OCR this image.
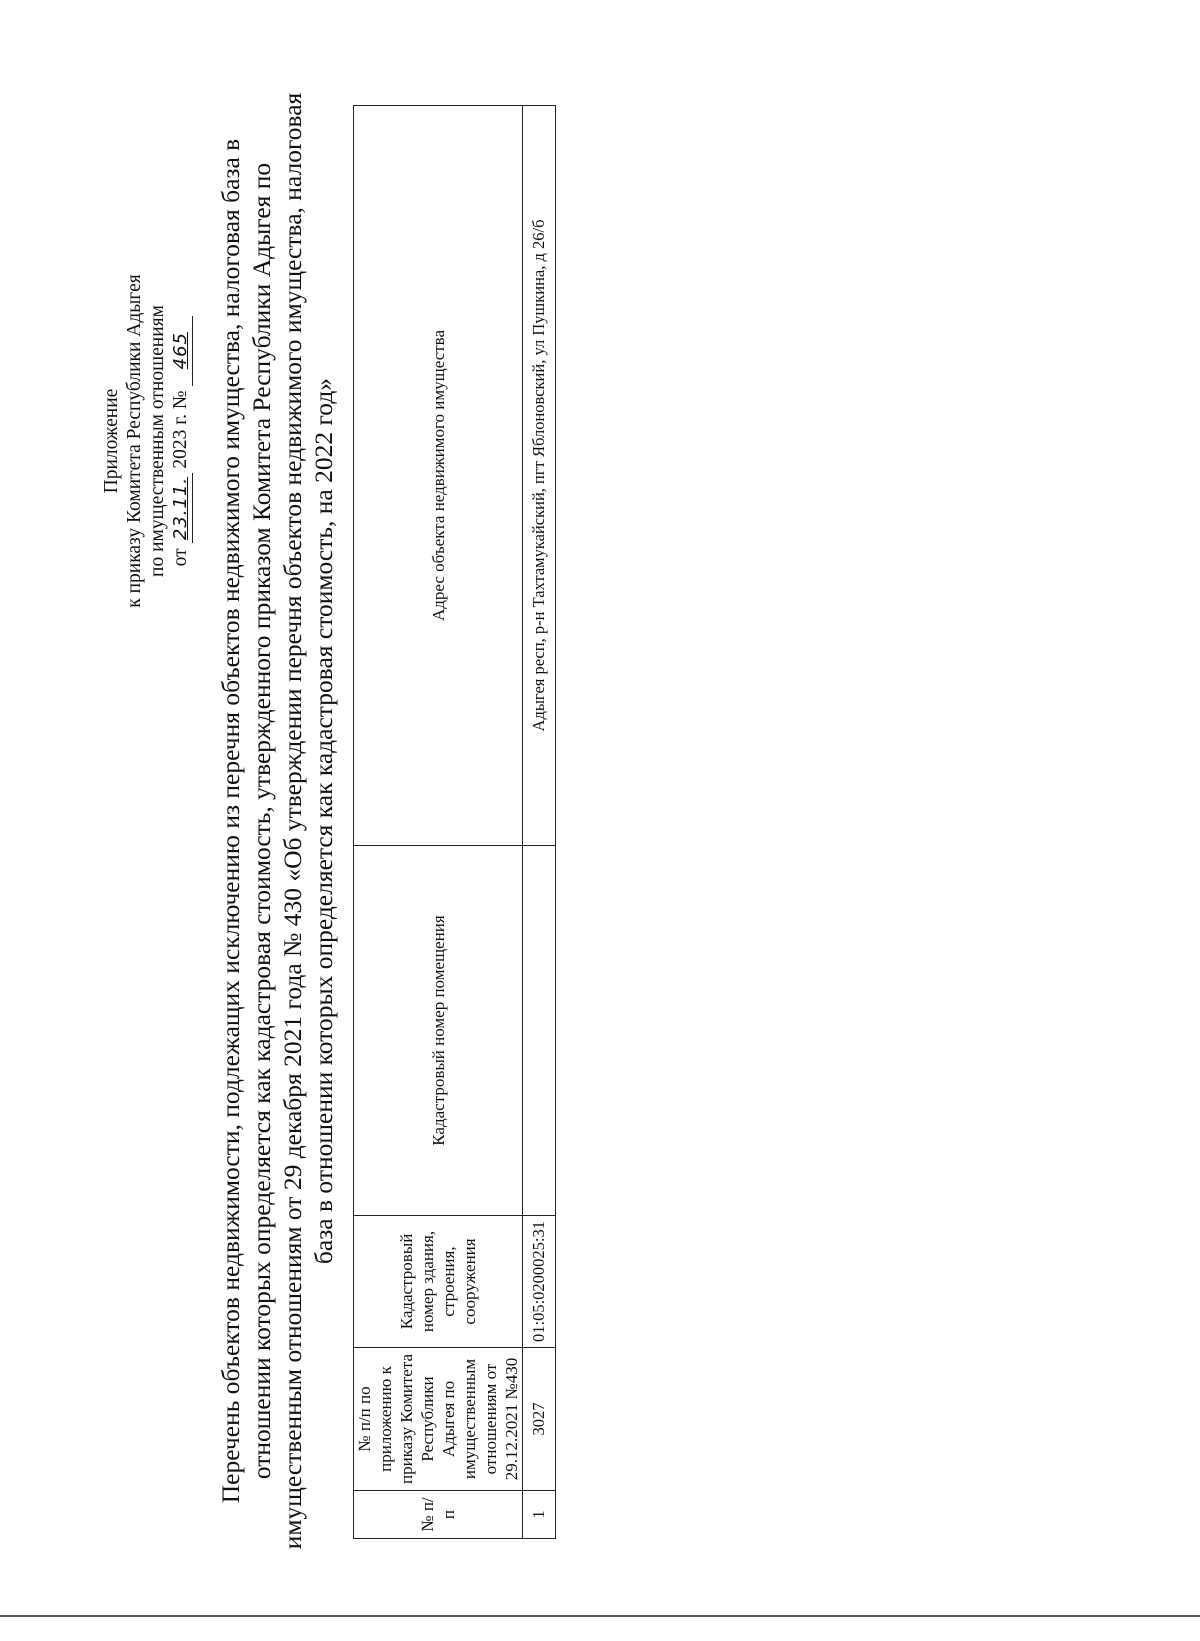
Приложение к приказу Комитета Республики Адыгея по имущественным отношениям от 23.11. 2023 г. № 465 Перечень объектов недвижимости, подлежащих исключению из перечня объектов недвижимого имущества, налоговая база в отношении которых определяется как кадастровая стоимость, утвержденного приказом Комитета Республики Адыгея по имущественным отношениям от 29 декабря 2021 года № 430 «Об утверждении перечня объектов недвижимого имущества, налоговая база в отношении которых определяется как кадастровая стоимость, на 2022 год»
№ п/п	№ п/п по приложению к приказу Комитета Республики Адыгея по имущественным отношениям от 29.12.2021 №430	Кадастровый номер здания, строения, сооружения	Кадастровый номер помещения	Адрес объекта недвижимого имущества
1	3027	01:05:0200025:31		Адыгея респ, р-н Тахтамукайский, пгт Яблоновский, ул Пушкина, д 26/б
